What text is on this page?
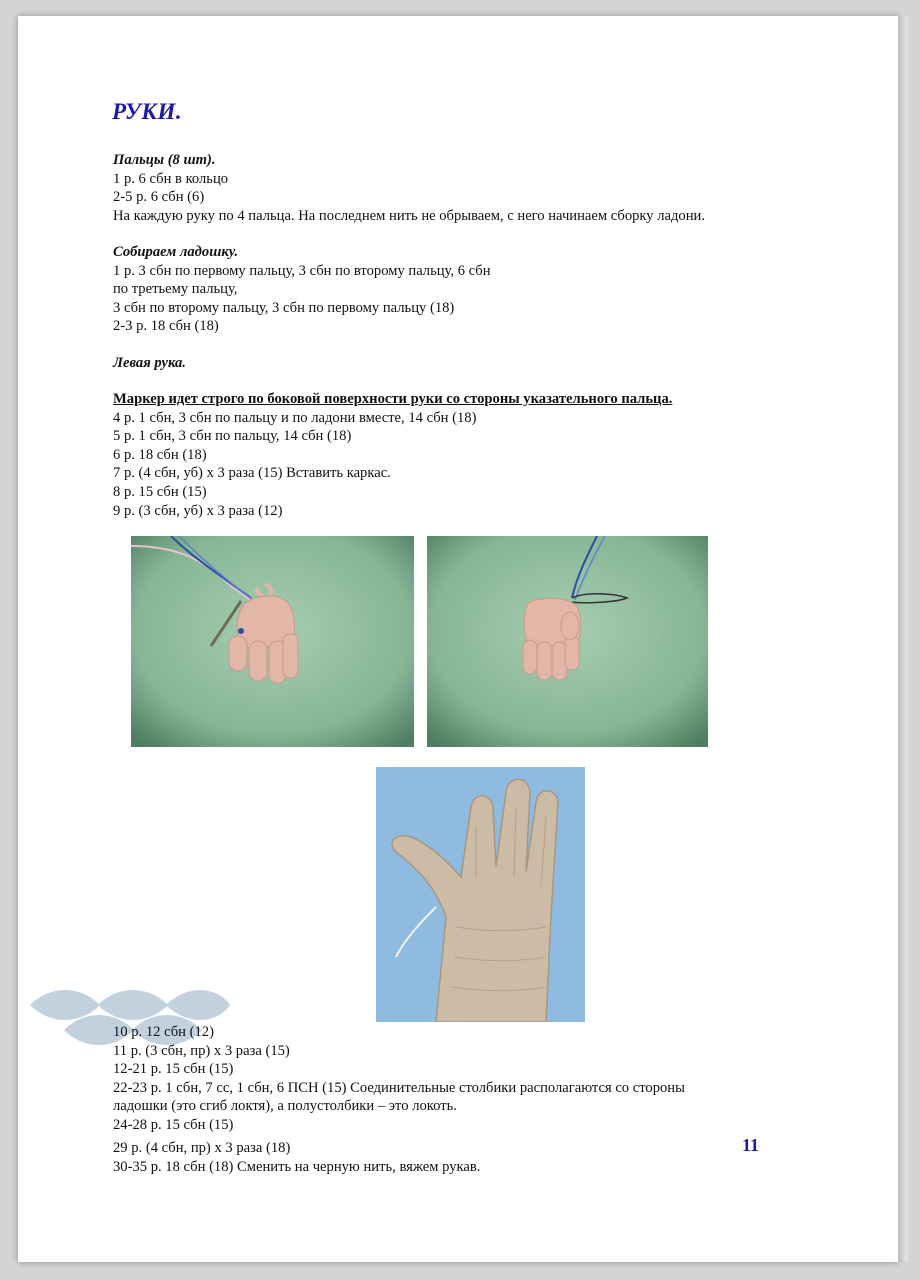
РУКИ.
Пальцы (8 шт).
1 р. 6 сбн в кольцо
2-5 р. 6 сбн (6)
На каждую руку по 4 пальца. На последнем нить не обрываем, с него начинаем сборку ладони.
Собираем ладошку.
1 р. 3 сбн по первому пальцу, 3 сбн по второму пальцу, 6 сбн
по третьему пальцу,
3 сбн по второму пальцу, 3 сбн по первому пальцу (18)
2-3 р. 18 сбн (18)
Левая рука.
Маркер идет строго по боковой поверхности руки со стороны указательного пальца.
4 р. 1 сбн, 3 сбн по пальцу и по ладони вместе, 14 сбн (18)
5 р. 1 сбн, 3 сбн по пальцу, 14 сбн (18)
6 р. 18 сбн (18)
7 р. (4 сбн, уб) х 3 раза (15) Вставить каркас.
8 р. 15 сбн (15)
9 р. (3 сбн, уб) х 3 раза (12)
10 р. 12 сбн (12)
11 р. (3 сбн, пр) х 3 раза (15)
12-21 р. 15 сбн (15)
22-23 р. 1 сбн, 7 сс, 1 сбн, 6 ПСН (15) Соединительные столбики располагаются со стороны
ладошки (это сгиб локтя), а полустолбики – это локоть.
24-28 р. 15 сбн (15)
29 р. (4 сбн, пр) х 3 раза (18)
30-35 р. 18 сбн (18) Сменить на черную нить, вяжем рукав.
11
